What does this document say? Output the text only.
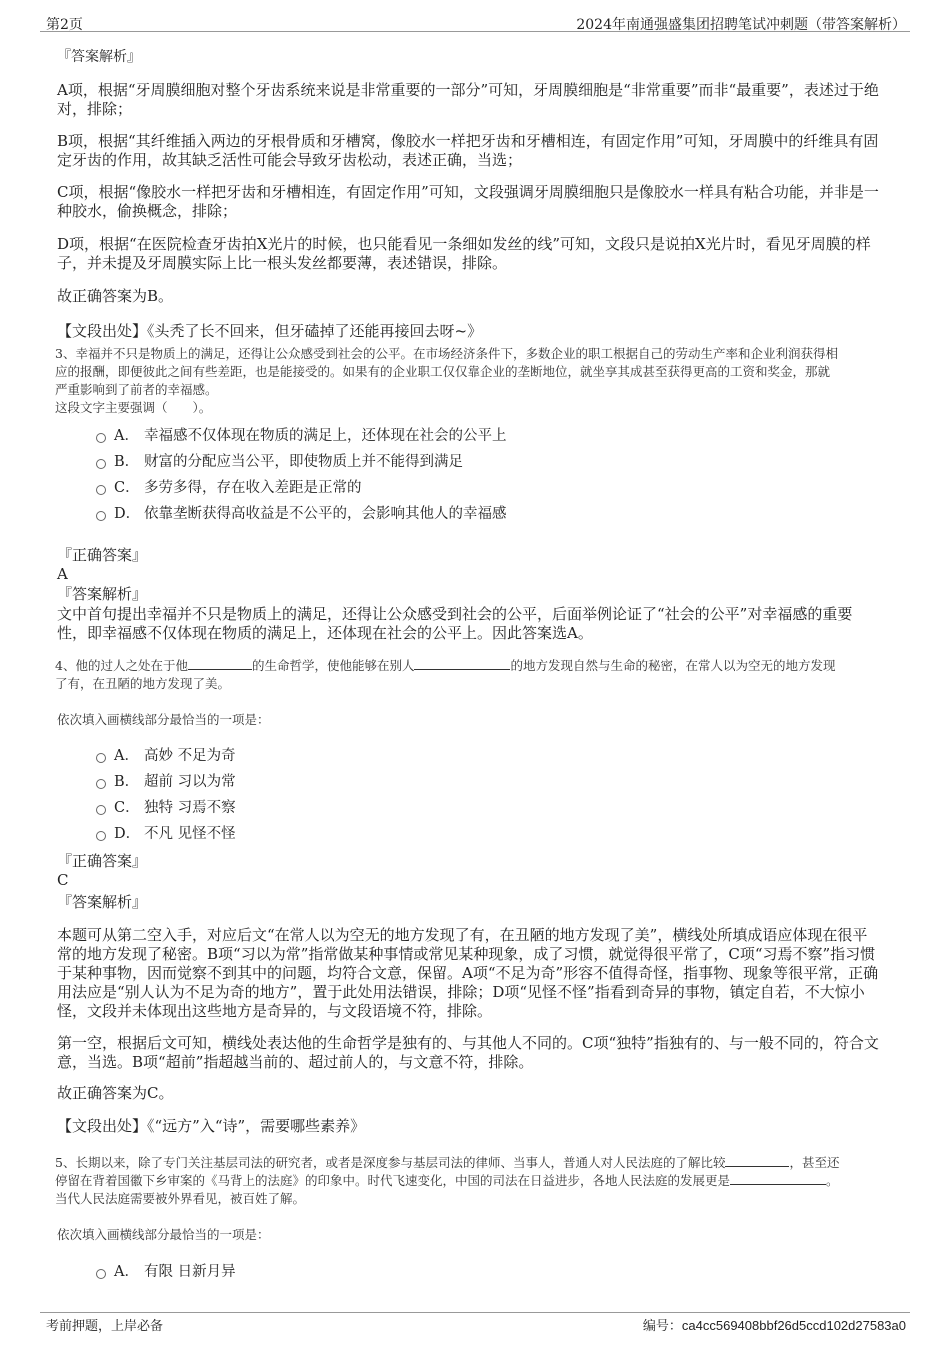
第2页	2024年南通强盛集团招聘笔试冲刺题（带答案解析）
『答案解析』
A项，根据“牙周膜细胞对整个牙齿系统来说是非常重要的一部分”可知，牙周膜细胞是“非常重要”而非“最重要”，表述过于绝
对，排除；
B项，根据“其纤维插入两边的牙根骨质和牙槽窝，像胶水一样把牙齿和牙槽相连，有固定作用”可知，牙周膜中的纤维具有固
定牙齿的作用，故其缺乏活性可能会导致牙齿松动，表述正确，当选；
C项，根据“像胶水一样把牙齿和牙槽相连，有固定作用”可知，文段强调牙周膜细胞只是像胶水一样具有粘合功能，并非是一
种胶水，偷换概念，排除；
D项，根据“在医院检查牙齿拍X光片的时候，也只能看见一条细如发丝的线”可知，文段只是说拍X光片时，看见牙周膜的样
子，并未提及牙周膜实际上比一根头发丝都要薄，表述错误，排除。
故正确答案为B。
【文段出处】《头秃了长不回来，但牙磕掉了还能再接回去呀~》
3、幸福并不只是物质上的满足，还得让公众感受到社会的公平。在市场经济条件下，多数企业的职工根据自己的劳动生产率和企业利润获得相
应的报酬，即便彼此之间有些差距，也是能接受的。如果有的企业职工仅仅靠企业的垄断地位，就坐享其成甚至获得更高的工资和奖金，那就
严重影响到了前者的幸福感。
这段文字主要强调（　　）。
A． 幸福感不仅体现在物质的满足上，还体现在社会的公平上
B． 财富的分配应当公平，即使物质上并不能得到满足
C． 多劳多得，存在收入差距是正常的
D． 依靠垄断获得高收益是不公平的，会影响其他人的幸福感
『正确答案』
A
『答案解析』
文中首句提出幸福并不只是物质上的满足，还得让公众感受到社会的公平，后面举例论证了“社会的公平”对幸福感的重要
性，即幸福感不仅体现在物质的满足上，还体现在社会的公平上。因此答案选A。
4、他的过人之处在于他	的生命哲学，使他能够在别人	的地方发现自然与生命的秘密，在常人以为空无的地方发现
了有，在丑陋的地方发现了美。
依次填入画横线部分最恰当的一项是：
A． 高妙 不足为奇
B． 超前 习以为常
C． 独特 习焉不察
D． 不凡 见怪不怪
『正确答案』
C
『答案解析』
本题可从第二空入手，对应后文“在常人以为空无的地方发现了有，在丑陋的地方发现了美”，横线处所填成语应体现在很平
常的地方发现了秘密。B项“习以为常”指常做某种事情或常见某种现象，成了习惯，就觉得很平常了，C项“习焉不察”指习惯
于某种事物，因而觉察不到其中的问题，均符合文意，保留。A项“不足为奇”形容不值得奇怪，指事物、现象等很平常，正确
用法应是“别人认为不足为奇的地方”，置于此处用法错误，排除；D项“见怪不怪”指看到奇异的事物，镇定自若，不大惊小
怪，文段并未体现出这些地方是奇异的，与文段语境不符，排除。
第一空，根据后文可知，横线处表达他的生命哲学是独有的、与其他人不同的。C项“独特”指独有的、与一般不同的，符合文
意，当选。B项“超前”指超越当前的、超过前人的，与文意不符，排除。
故正确答案为C。
【文段出处】《“远方”入“诗”，需要哪些素养》
5、长期以来，除了专门关注基层司法的研究者，或者是深度参与基层司法的律师、当事人，普通人对人民法庭的了解比较	，甚至还
停留在背着国徽下乡审案的《马背上的法庭》的印象中。时代飞速变化，中国的司法在日益进步，各地人民法庭的发展更是	。
当代人民法庭需要被外界看见，被百姓了解。
依次填入画横线部分最恰当的一项是：
A． 有限 日新月异
考前押题，上岸必备	编号：ca4cc569408bbf26d5ccd102d27583a0
